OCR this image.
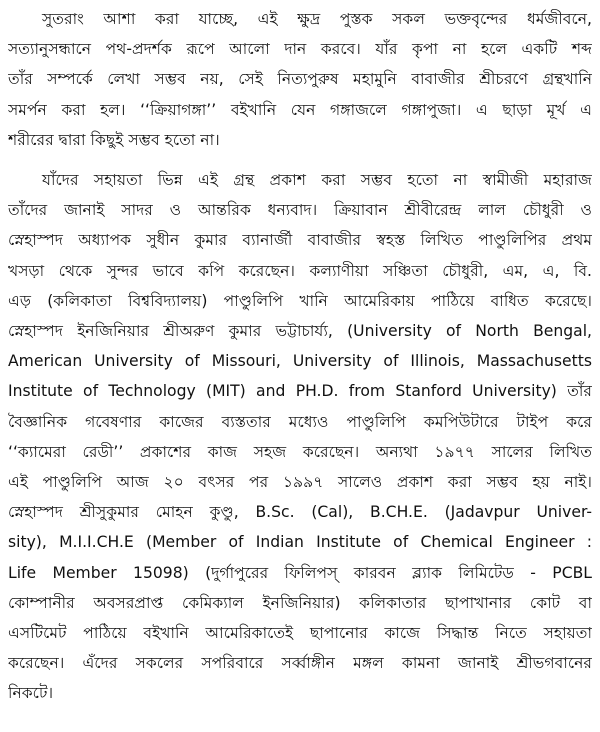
সুতরাং আশা করা যাচ্ছে, এই ক্ষুদ্র পুস্তক সকল ভক্তবৃন্দের ধর্মজীবনে,
সত্যানুসন্ধানে পথ-প্রদর্শক রূপে আলো দান করবে। যাঁর কৃপা না হলে একটি শব্দ
তাঁর সম্পর্কে লেখা সম্ভব নয়, সেই নিত্যপুরুষ মহামুনি বাবাজীর শ্রীচরণে গ্রন্থখানি
সমর্পন করা হল। ‘‘ক্রিয়াগঙ্গা’’ বইখানি যেন গঙ্গাজলে গঙ্গাপুজা। এ ছাড়া মূর্খ এ
শরীরের দ্বারা কিছুই সম্ভব হতো না।
যাঁদের সহায়তা ভিন্ন এই গ্রন্থ প্রকাশ করা সম্ভব হতো না স্বামীজী মহারাজ
তাঁদের জানাই সাদর ও আন্তরিক ধন্যবাদ। ক্রিয়াবান শ্রীবীরেন্দ্র লাল চৌধুরী ও
স্নেহাস্পদ অধ্যাপক সুধীন কুমার ব্যানার্জী বাবাজীর স্বহস্ত লিখিত পাণ্ডুলিপির প্রথম
খসড়া থেকে সুন্দর ভাবে কপি করেছেন। কল্যাণীয়া সঞ্চিতা চৌধুরী, এম, এ, বি.
এড় (কলিকাতা বিশ্ববিদ্যালয়) পাণ্ডুলিপি খানি আমেরিকায় পাঠিয়ে বাধিত করেছে।
স্নেহাস্পদ ইনজিনিয়ার শ্রীঅরুণ কুমার ভট্টাচার্য্য, (University of North Bengal,
American University of Missouri, University of Illinois, Massachusetts
Institute of Technology (MIT) and PH.D. from Stanford University) তাঁর
বৈজ্ঞানিক গবেষণার কাজের ব্যস্ততার মধ্যেও পাণ্ডুলিপি কমপিউটারে টাইপ করে
‘‘ক্যামেরা রেডী’’ প্রকাশের কাজ সহজ করেছেন। অন্যথা ১৯৭৭ সালের লিখিত
এই পাণ্ডুলিপি আজ ২০ বৎসর পর ১৯৯৭ সালেও প্রকাশ করা সম্ভব হয় নাই।
স্নেহাস্পদ শ্রীসুকুমার মোহন কুণ্ডু, B.Sc. (Cal), B.CH.E. (Jadavpur Univer-
sity), M.I.I.CH.E (Member of Indian Institute of Chemical Engineer :
Life Member 15098) (দুর্গাপুরের ফিলিপস্ কারবন ব্ল্যাক লিমিটেড - PCBL
কোম্পানীর অবসরপ্রাপ্ত কেমিক্যাল ইনজিনিয়ার) কলিকাতার ছাপাখানার কোট বা
এসটিমেট পাঠিয়ে বইখানি আমেরিকাতেই ছাপানোর কাজে সিদ্ধান্ত নিতে সহায়তা
করেছেন। এঁদের সকলের সপরিবারে সর্ব্বাঙ্গীন মঙ্গল কামনা জানাই শ্রীভগবানের
নিকটে।
